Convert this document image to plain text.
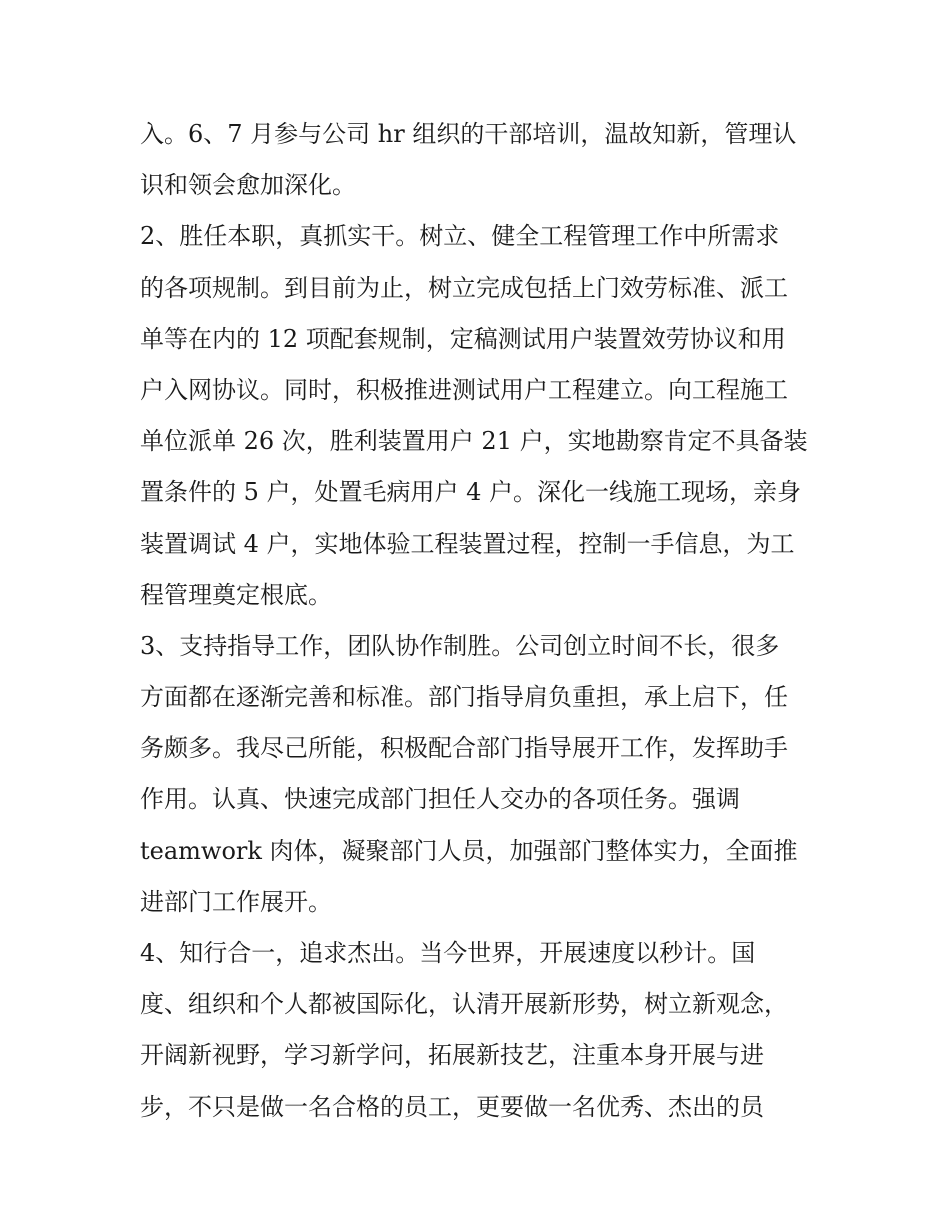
入。6、7 月参与公司 hr 组织的干部培训，温故知新，管理认
识和领会愈加深化。
2、胜任本职，真抓实干。树立、健全工程管理工作中所需求
的各项规制。到目前为止，树立完成包括上门效劳标准、派工
单等在内的 12 项配套规制，定稿测试用户装置效劳协议和用
户入网协议。同时，积极推进测试用户工程建立。向工程施工
单位派单 26 次，胜利装置用户 21 户，实地勘察肯定不具备装
置条件的 5 户，处置毛病用户 4 户。深化一线施工现场，亲身
装置调试 4 户，实地体验工程装置过程，控制一手信息，为工
程管理奠定根底。
3、支持指导工作，团队协作制胜。公司创立时间不长，很多
方面都在逐渐完善和标准。部门指导肩负重担，承上启下，任
务颇多。我尽己所能，积极配合部门指导展开工作，发挥助手
作用。认真、快速完成部门担任人交办的各项任务。强调
teamwork 肉体，凝聚部门人员，加强部门整体实力，全面推
进部门工作展开。
4、知行合一，追求杰出。当今世界，开展速度以秒计。国
度、组织和个人都被国际化，认清开展新形势，树立新观念，
开阔新视野，学习新学问，拓展新技艺，注重本身开展与进
步，不只是做一名合格的员工，更要做一名优秀、杰出的员
